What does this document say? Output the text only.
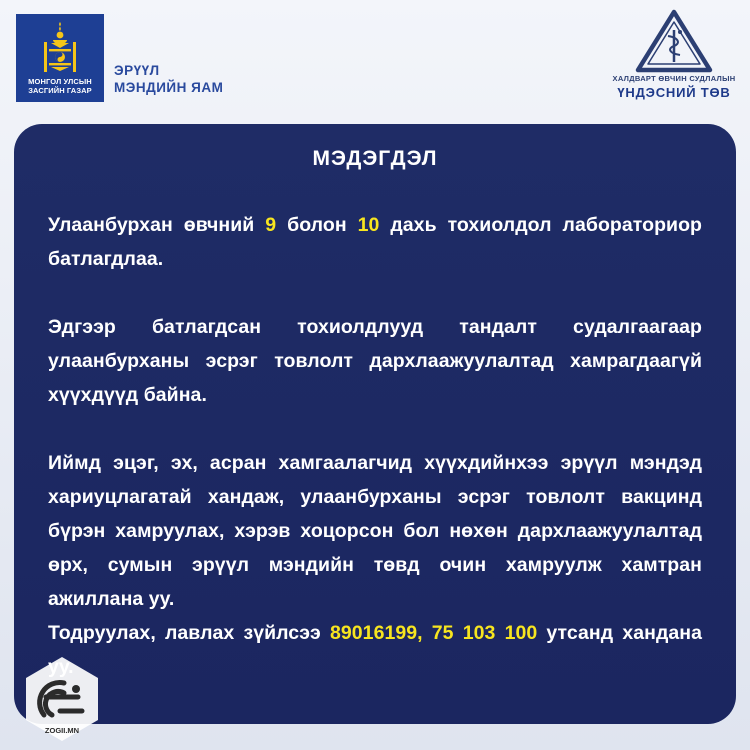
МОНГОЛ УЛСЫН ЗАСГИЙН ГАЗАР
ЭРҮҮЛ
МЭНДИЙН ЯАМ
ХАЛДВАРТ ӨВЧИН СУДЛАЛЫН
ҮНДЭСНИЙ ТӨВ
МЭДЭГДЭЛ

Улаанбурхан өвчний 9 болон 10 дахь тохиолдол лабораториор батлагдлаа.

Эдгээр батлагдсан тохиолдлууд тандалт судалгаагаар улаанбурханы эсрэг товлолт дархлаажуулалтад хамрагдаагүй хүүхдүүд байна.

Иймд эцэг, эх, асран хамгаалагчид хүүхдийнхээ эрүүл мэндэд хариуцлагатай хандаж, улаанбурханы эсрэг товлолт вакцинд бүрэн хамруулах, хэрэв хоцорсон бол нөхөн дархлаажуулалтад өрх, сумын эрүүл мэндийн төвд очин хамруулж хамтран ажиллана уу.

Тодруулах, лавлах зүйлсээ 89016199, 75 103 100 утсанд хандана

ZOGII.MN
